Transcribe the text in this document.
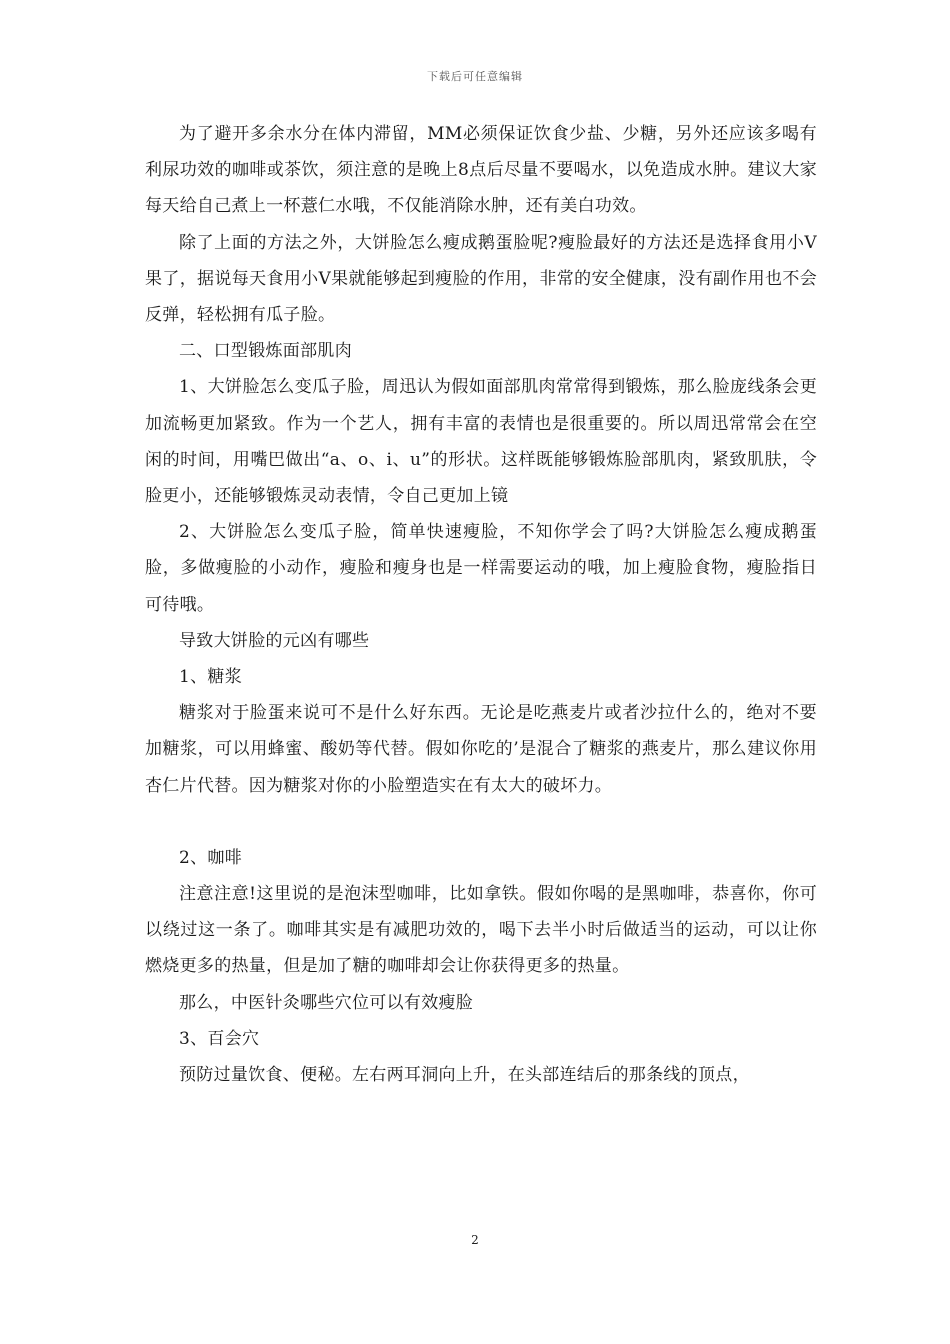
下载后可任意编辑

为了避开多余水分在体内滞留，MM必须保证饮食少盐、少糖，另外还应该多喝有利尿功效的咖啡或茶饮，须注意的是晚上8点后尽量不要喝水，以免造成水肿。建议大家每天给自己煮上一杯薏仁水哦，不仅能消除水肿，还有美白功效。

除了上面的方法之外，大饼脸怎么瘦成鹅蛋脸呢?瘦脸最好的方法还是选择食用小V果了，据说每天食用小V果就能够起到瘦脸的作用，非常的安全健康，没有副作用也不会反弹，轻松拥有瓜子脸。

二、口型锻炼面部肌肉

1、大饼脸怎么变瓜子脸，周迅认为假如面部肌肉常常得到锻炼，那么脸庞线条会更加流畅更加紧致。作为一个艺人，拥有丰富的表情也是很重要的。所以周迅常常会在空闲的时间，用嘴巴做出“a、o、i、u”的形状。这样既能够锻炼脸部肌肉，紧致肌肤，令脸更小，还能够锻炼灵动表情，令自己更加上镜

2、大饼脸怎么变瓜子脸，简单快速瘦脸，不知你学会了吗?大饼脸怎么瘦成鹅蛋脸，多做瘦脸的小动作，瘦脸和瘦身也是一样需要运动的哦，加上瘦脸食物，瘦脸指日可待哦。

导致大饼脸的元凶有哪些

1、糖浆

糖浆对于脸蛋来说可不是什么好东西。无论是吃燕麦片或者沙拉什么的，绝对不要加糖浆，可以用蜂蜜、酸奶等代替。假如你吃的’是混合了糖浆的燕麦片，那么建议你用杏仁片代替。因为糖浆对你的小脸塑造实在有太大的破坏力。

2、咖啡

注意注意!这里说的是泡沫型咖啡，比如拿铁。假如你喝的是黑咖啡，恭喜你，你可以绕过这一条了。咖啡其实是有减肥功效的，喝下去半小时后做适当的运动，可以让你燃烧更多的热量，但是加了糖的咖啡却会让你获得更多的热量。

那么，中医针灸哪些穴位可以有效瘦脸

3、百会穴

预防过量饮食、便秘。左右两耳洞向上升，在头部连结后的那条线的顶点，

2
